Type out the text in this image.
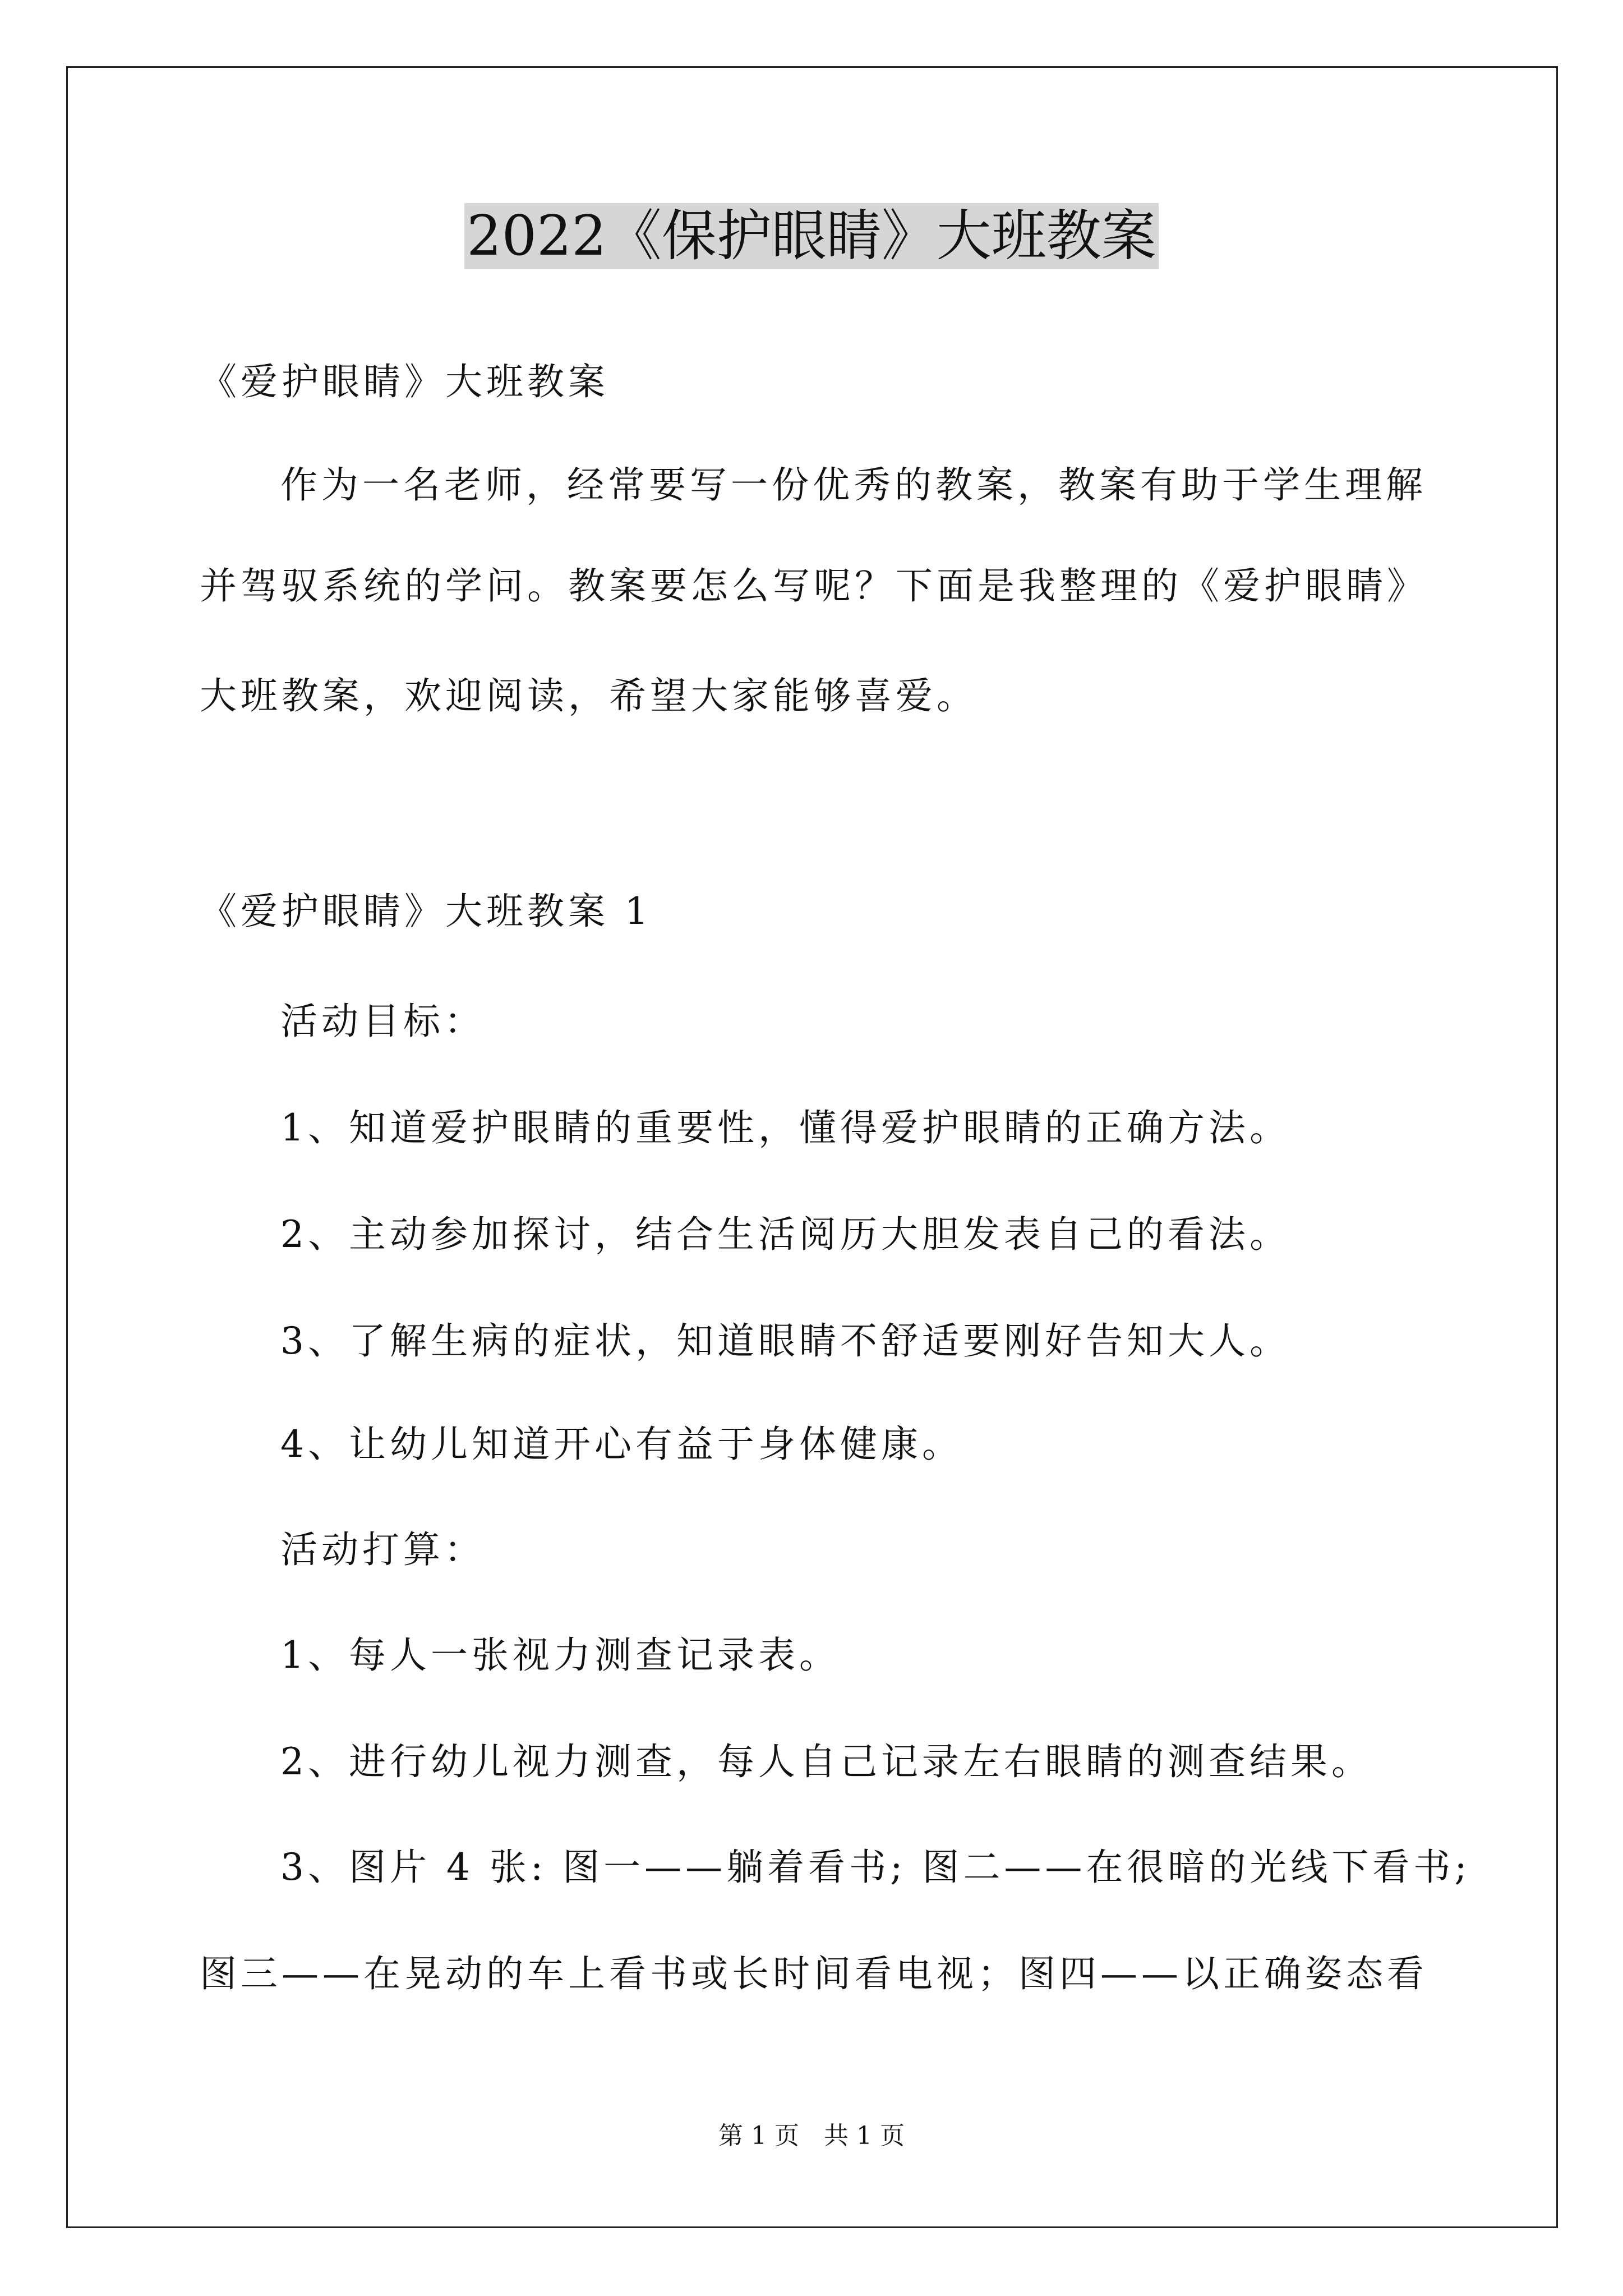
2022《保护眼睛》大班教案
《爱护眼睛》大班教案
作为一名老师，经常要写一份优秀的教案，教案有助于学生理解
并驾驭系统的学问。教案要怎么写呢？下面是我整理的《爱护眼睛》
大班教案，欢迎阅读，希望大家能够喜爱。
《爱护眼睛》大班教案 1
活动目标：
1、知道爱护眼睛的重要性，懂得爱护眼睛的正确方法。
2、主动参加探讨，结合生活阅历大胆发表自己的看法。
3、了解生病的症状，知道眼睛不舒适要刚好告知大人。
4、让幼儿知道开心有益于身体健康。
活动打算：
1、每人一张视力测查记录表。
2、进行幼儿视力测查，每人自己记录左右眼睛的测查结果。
3、图片 4 张: 图一——躺着看书; 图二——在很暗的光线下看书;
图三——在晃动的车上看书或长时间看电视；图四——以正确姿态看
第 1 页　共 1 页
